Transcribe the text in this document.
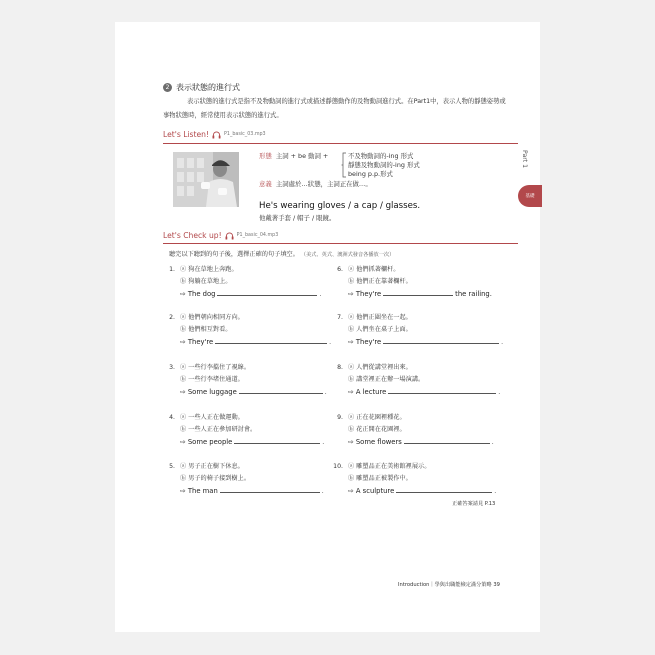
2 表示狀態的進行式
表示狀態的進行式是指不及物動詞的進行式或描述靜態動作的及物動詞進行式。在Part1中，表示人物的靜態姿勢或事物狀態時，經常使用表示狀態的進行式。
Let's Listen!	P1_basic_03.mp3
形態 主詞 + be 動詞 +	不及物動詞的-ing 形式
靜態及物動詞的-ing 形式
being p.p.形式
意義 主詞處於…狀態，主詞正在做…。
He's wearing gloves / a cap / glasses.
他戴著手套 / 帽子 / 眼鏡。
Let's Check up!	P1_basic_04.mp3
聽完以下聽到的句子後，選擇正確的句子填空。 （美式、英式、澳洲式發音各播放一次）
1. ⓐ 狗在草地上奔跑。
ⓑ 狗躺在草地上。
⇨ The dog	.
2. ⓐ 他們朝向相同方向。
ⓑ 他們相互對看。
⇨ They're	.
3. ⓐ 一些行李擋住了視線。
ⓑ 一些行李堵住通道。
⇨ Some luggage	.
4. ⓐ 一些人正在做運動。
ⓑ 一些人正在參加研討會。
⇨ Some people	.
5. ⓐ 男子正在樹下休息。
ⓑ 男子的椅子接到樹上。
⇨ The man	.
6. ⓐ 他們抓著欄杆。
ⓑ 他們正在靠著欄杆。
⇨ They're	the railing.
7. ⓐ 他們正圍坐在一起。
ⓑ 人們坐在桌子上面。
⇨ They're	.
8. ⓐ 人們從講堂裡出來。
ⓑ 講堂裡正在辦一場演講。
⇨ A lecture	.
9. ⓐ 正在花園裡種花。
ⓑ 花正開在花園裡。
⇨ Some flowers	.
10. ⓐ 雕塑品正在美術館裡展示。
ⓑ 雕塑品正被製作中。
⇨ A sculpture	.
Part 1
基礎
正確答案請見 P.13
Introduction｜學與出職能檢定滿分策略 39
